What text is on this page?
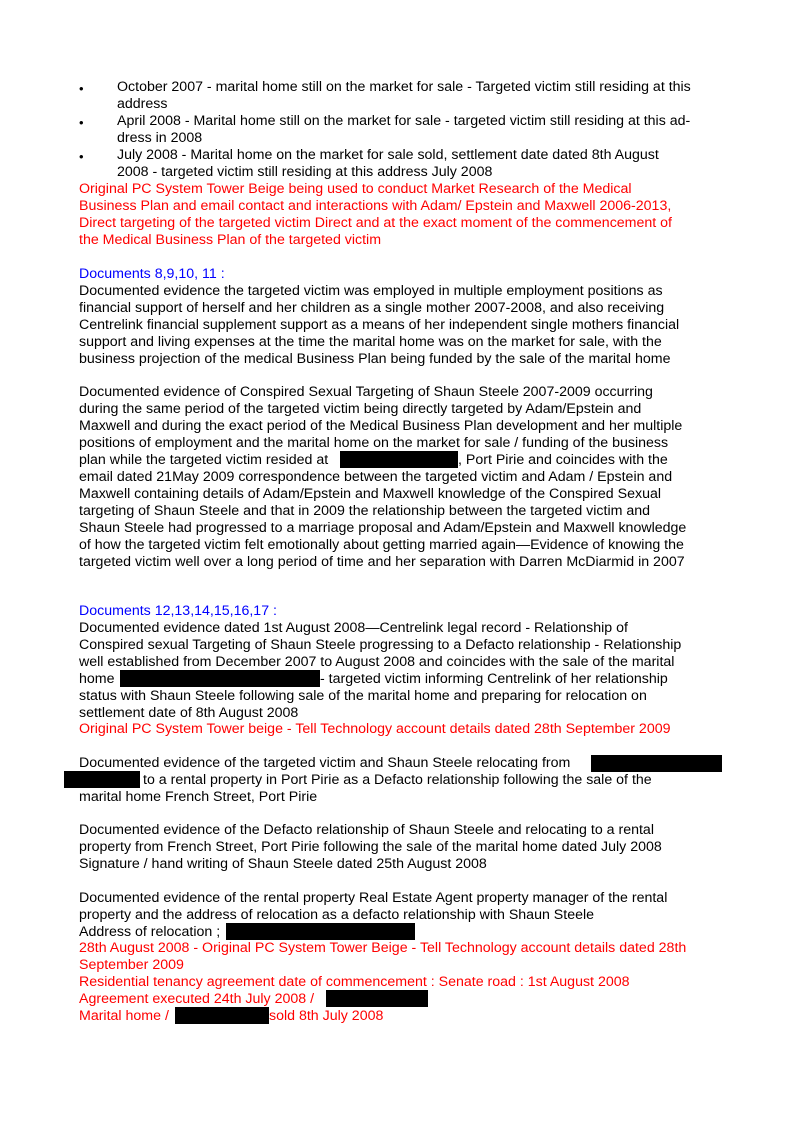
• October 2007 - marital home still on the market for sale - Targeted victim still residing at this
address
• April 2008 - Marital home still on the market for sale - targeted victim still residing at this ad-
dress in 2008
• July 2008 - Marital home on the market for sale sold, settlement date dated 8th August
2008 - targeted victim still residing at this address July 2008
Original PC System Tower Beige being used to conduct Market Research of the Medical
Business Plan and email contact and interactions with Adam/ Epstein and Maxwell 2006-2013,
Direct targeting of the targeted victim Direct and at the exact moment of the commencement of
the Medical Business Plan of the targeted victim
Documents 8,9,10, 11 :
Documented evidence the targeted victim was employed in multiple employment positions as
financial support of herself and her children as a single mother 2007-2008, and also receiving
Centrelink financial supplement support as a means of her independent single mothers financial
support and living expenses at the time the marital home was on the market for sale, with the
business projection of the medical Business Plan being funded by the sale of the marital home
Documented evidence of Conspired Sexual Targeting of Shaun Steele 2007-2009 occurring
during the same period of the targeted victim being directly targeted by Adam/Epstein and
Maxwell and during the exact period of the Medical Business Plan development and her multiple
positions of employment and the marital home on the market for sale / funding of the business
plan while the targeted victim resided at	, Port Pirie and coincides with the
email dated 21May 2009 correspondence between the targeted victim and Adam / Epstein and
Maxwell containing details of Adam/Epstein and Maxwell knowledge of the Conspired Sexual
targeting of Shaun Steele and that in 2009 the relationship between the targeted victim and
Shaun Steele had progressed to a marriage proposal and Adam/Epstein and Maxwell knowledge
of how the targeted victim felt emotionally about getting married again—Evidence of knowing the
targeted victim well over a long period of time and her separation with Darren McDiarmid in 2007
Documents 12,13,14,15,16,17 :
Documented evidence dated 1st August 2008—Centrelink legal record - Relationship of
Conspired sexual Targeting of Shaun Steele progressing to a Defacto relationship - Relationship
well established from December 2007 to August 2008 and coincides with the sale of the marital
home	- targeted victim informing Centrelink of her relationship
status with Shaun Steele following sale of the marital home and preparing for relocation on
settlement date of 8th August 2008
Original PC System Tower beige - Tell Technology account details dated 28th September 2009
Documented evidence of the targeted victim and Shaun Steele relocating from
to a rental property in Port Pirie as a Defacto relationship following the sale of the
marital home French Street, Port Pirie
Documented evidence of the Defacto relationship of Shaun Steele and relocating to a rental
property from French Street, Port Pirie following the sale of the marital home dated July 2008
Signature / hand writing of Shaun Steele dated 25th August 2008
Documented evidence of the rental property Real Estate Agent property manager of the rental
property and the address of relocation as a defacto relationship with Shaun Steele
Address of relocation ;
28th August 2008 - Original PC System Tower Beige - Tell Technology account details dated 28th
September 2009
Residential tenancy agreement date of commencement : Senate road : 1st August 2008
Agreement executed 24th July 2008 /
Marital home /	sold 8th July 2008
